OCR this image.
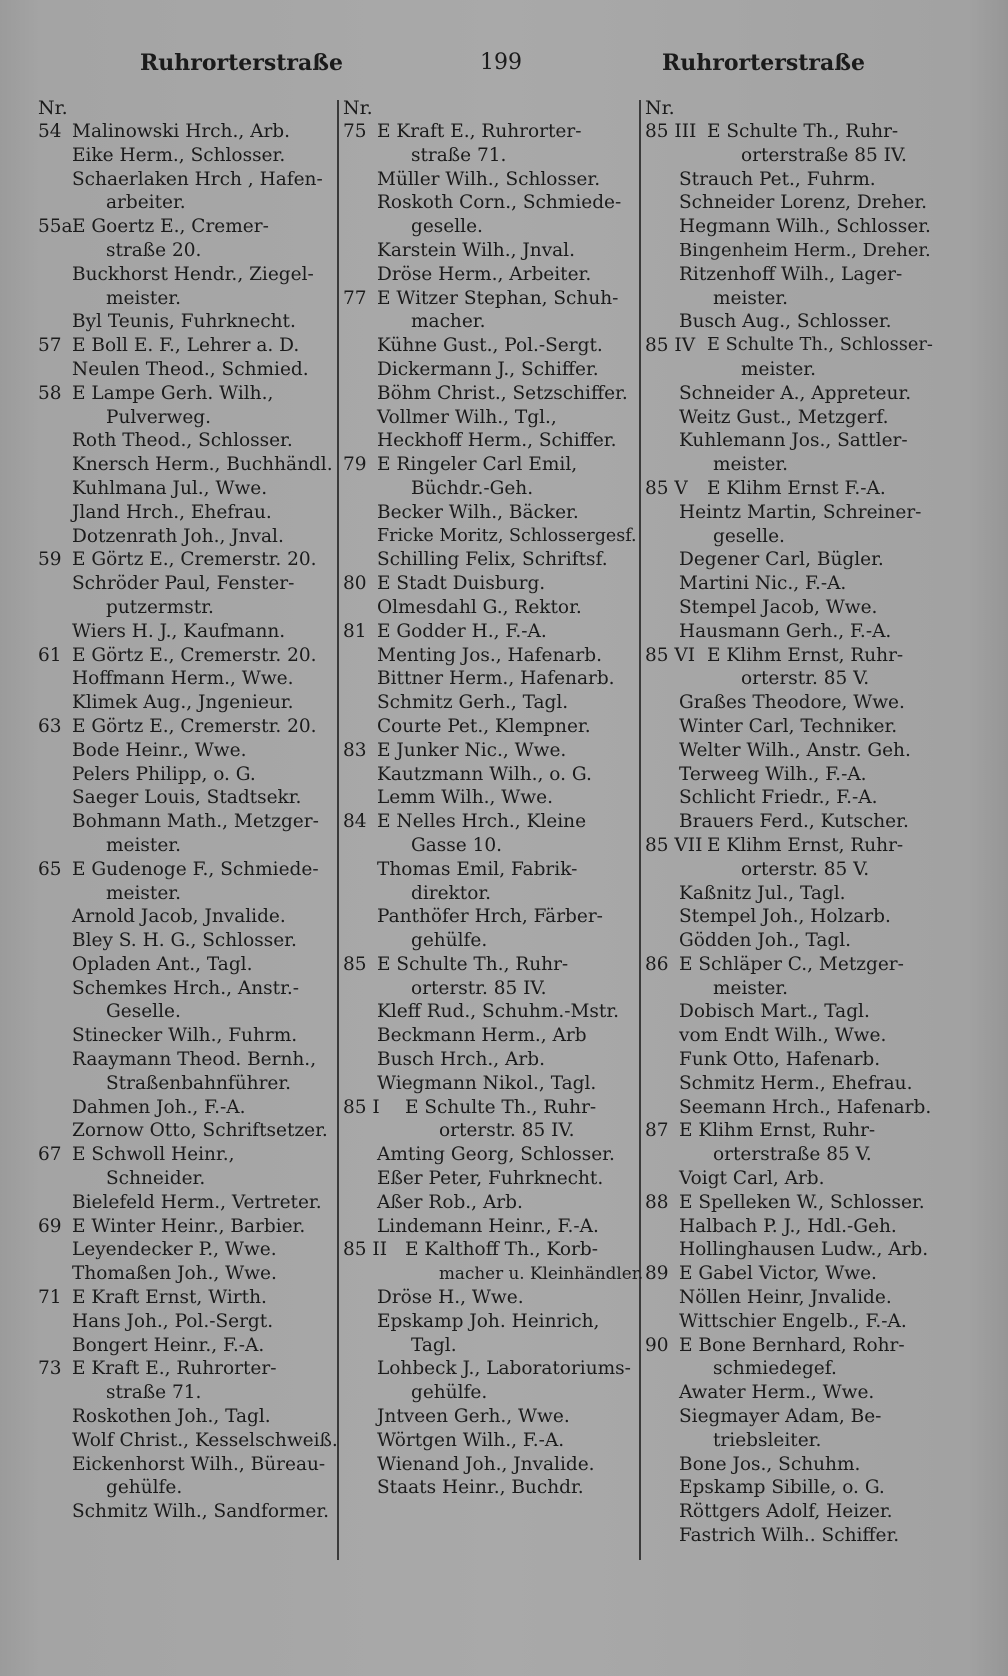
Ruhrorterstraße	199	Ruhrorterstraße
Nr.
54 Malinowski Hrch., Arb.
Eike Herm., Schlosser.
Schaerlaken Hrch , Hafen-
arbeiter.
55a E Goertz E., Cremer-
straße 20.
Buckhorst Hendr., Ziegel-
meister.
Byl Teunis, Fuhrknecht.
57 E Boll E. F., Lehrer a. D.
Neulen Theod., Schmied.
58 E Lampe Gerh. Wilh.,
Pulverweg.
Roth Theod., Schlosser.
Knersch Herm., Buchhändl.
Kuhlmana Jul., Wwe.
Jland Hrch., Ehefrau.
Dotzenrath Joh., Jnval.
59 E Görtz E., Cremerstr. 20.
Schröder Paul, Fenster-
putzermstr.
Wiers H. J., Kaufmann.
61 E Görtz E., Cremerstr. 20.
Hoffmann Herm., Wwe.
Klimek Aug., Jngenieur.
63 E Görtz E., Cremerstr. 20.
Bode Heinr., Wwe.
Pelers Philipp, o. G.
Saeger Louis, Stadtsekr.
Bohmann Math., Metzger-
meister.
65 E Gudenoge F., Schmiede-
meister.
Arnold Jacob, Jnvalide.
Bley S. H. G., Schlosser.
Opladen Ant., Tagl.
Schemkes Hrch., Anstr.-
Geselle.
Stinecker Wilh., Fuhrm.
Raaymann Theod. Bernh.,
Straßenbahnführer.
Dahmen Joh., F.-A.
Zornow Otto, Schriftsetzer.
67 E Schwoll Heinr.,
Schneider.
Bielefeld Herm., Vertreter.
69 E Winter Heinr., Barbier.
Leyendecker P., Wwe.
Thomaßen Joh., Wwe.
71 E Kraft Ernst, Wirth.
Hans Joh., Pol.-Sergt.
Bongert Heinr., F.-A.
73 E Kraft E., Ruhrorter-
straße 71.
Roskothen Joh., Tagl.
Wolf Christ., Kesselschweiß.
Eickenhorst Wilh., Büreau-
gehülfe.
Schmitz Wilh., Sandformer.
Nr.
75 E Kraft E., Ruhrorter-
straße 71.
Müller Wilh., Schlosser.
Roskoth Corn., Schmiede-
geselle.
Karstein Wilh., Jnval.
Dröse Herm., Arbeiter.
77 E Witzer Stephan, Schuh-
macher.
Kühne Gust., Pol.-Sergt.
Dickermann J., Schiffer.
Böhm Christ., Setzschiffer.
Vollmer Wilh., Tgl.,
Heckhoff Herm., Schiffer.
79 E Ringeler Carl Emil,
Büchdr.-Geh.
Becker Wilh., Bäcker.
Fricke Moritz, Schlossergesf.
Schilling Felix, Schriftsf.
80 E Stadt Duisburg.
Olmesdahl G., Rektor.
81 E Godder H., F.-A.
Menting Jos., Hafenarb.
Bittner Herm., Hafenarb.
Schmitz Gerh., Tagl.
Courte Pet., Klempner.
83 E Junker Nic., Wwe.
Kautzmann Wilh., o. G.
Lemm Wilh., Wwe.
84 E Nelles Hrch., Kleine
Gasse 10.
Thomas Emil, Fabrik-
direktor.
Panthöfer Hrch, Färber-
gehülfe.
85 E Schulte Th., Ruhr-
orterstr. 85 IV.
Kleff Rud., Schuhm.-Mstr.
Beckmann Herm., Arb
Busch Hrch., Arb.
Wiegmann Nikol., Tagl.
85 I	E Schulte Th., Ruhr-
orterstr. 85 IV.
Amting Georg, Schlosser.
Eßer Peter, Fuhrknecht.
Aßer Rob., Arb.
Lindemann Heinr., F.-A.
85 II E Kalthoff Th., Korb-
macher u. Kleinhändler.
Dröse H., Wwe.
Epskamp Joh. Heinrich,
Tagl.
Lohbeck J., Laboratoriums-
gehülfe.
Jntveen Gerh., Wwe.
Wörtgen Wilh., F.-A.
Wienand Joh., Jnvalide.
Staats Heinr., Buchdr.
Nr.
85 III E Schulte Th., Ruhr-
orterstraße 85 IV.
Strauch Pet., Fuhrm.
Schneider Lorenz, Dreher.
Hegmann Wilh., Schlosser.
Bingenheim Herm., Dreher.
Ritzenhoff Wilh., Lager-
meister.
Busch Aug., Schlosser.
85 IV E Schulte Th., Schlosser-
meister.
Schneider A., Appreteur.
Weitz Gust., Metzgerf.
Kuhlemann Jos., Sattler-
meister.
85 V	E Klihm Ernst F.-A.
Heintz Martin, Schreiner-
geselle.
Degener Carl, Bügler.
Martini Nic., F.-A.
Stempel Jacob, Wwe.
Hausmann Gerh., F.-A.
85 VI E Klihm Ernst, Ruhr-
orterstr. 85 V.
Graßes Theodore, Wwe.
Winter Carl, Techniker.
Welter Wilh., Anstr. Geh.
Terweeg Wilh., F.-A.
Schlicht Friedr., F.-A.
Brauers Ferd., Kutscher.
85 VII E Klihm Ernst, Ruhr-
orterstr. 85 V.
Kaßnitz Jul., Tagl.
Stempel Joh., Holzarb.
Gödden Joh., Tagl.
86 E Schläper C., Metzger-
meister.
Dobisch Mart., Tagl.
vom Endt Wilh., Wwe.
Funk Otto, Hafenarb.
Schmitz Herm., Ehefrau.
Seemann Hrch., Hafenarb.
87 E Klihm Ernst, Ruhr-
orterstraße 85 V.
Voigt Carl, Arb.
88 E Spelleken W., Schlosser.
Halbach P. J., Hdl.-Geh.
Hollinghausen Ludw., Arb.
89 E Gabel Victor, Wwe.
Nöllen Heinr, Jnvalide.
Wittschier Engelb., F.-A.
90 E Bone Bernhard, Rohr-
schmiedegef.
Awater Herm., Wwe.
Siegmayer Adam, Be-
triebsleiter.
Bone Jos., Schuhm.
Epskamp Sibille, o. G.
Röttgers Adolf, Heizer.
Fastrich Wilh.. Schiffer.
